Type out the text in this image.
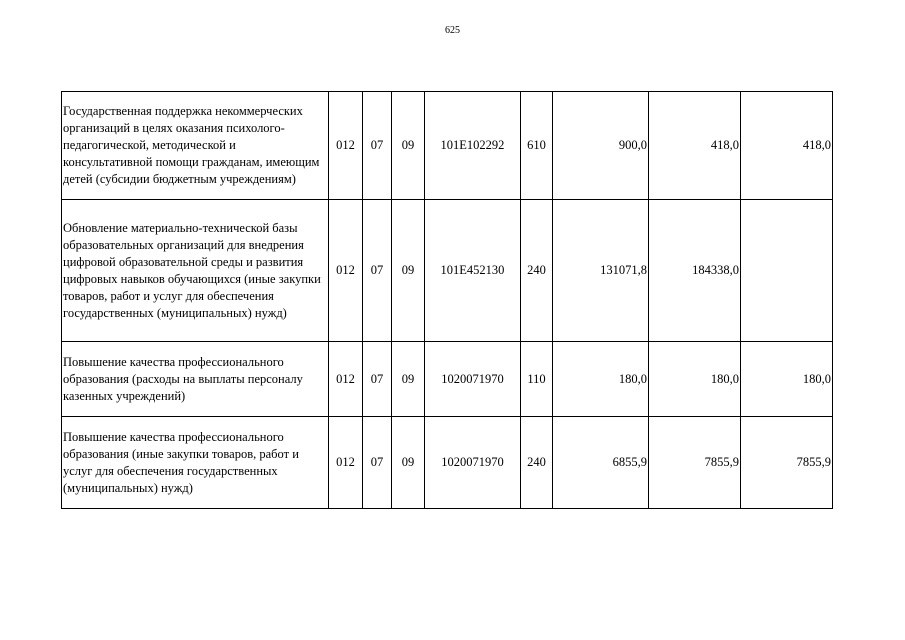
625
Государственная поддержка некоммерческих организаций в целях оказания психолого-педагогической, методической и консультативной помощи гражданам, имеющим детей (субсидии бюджетным учреждениям)	012	07	09	101E102292	610	900,0	418,0	418,0
Обновление материально-технической базы образовательных организаций для внедрения цифровой образовательной среды и развития цифровых навыков обучающихся (иные закупки товаров, работ и услуг для обеспечения государственных (муниципальных) нужд)	012	07	09	101E452130	240	131071,8	184338,0	
Повышение качества профессионального образования (расходы на выплаты персоналу казенных учреждений)	012	07	09	1020071970	110	180,0	180,0	180,0
Повышение качества профессионального образования (иные закупки товаров, работ и услуг для обеспечения государственных (муниципальных) нужд)	012	07	09	1020071970	240	6855,9	7855,9	7855,9
